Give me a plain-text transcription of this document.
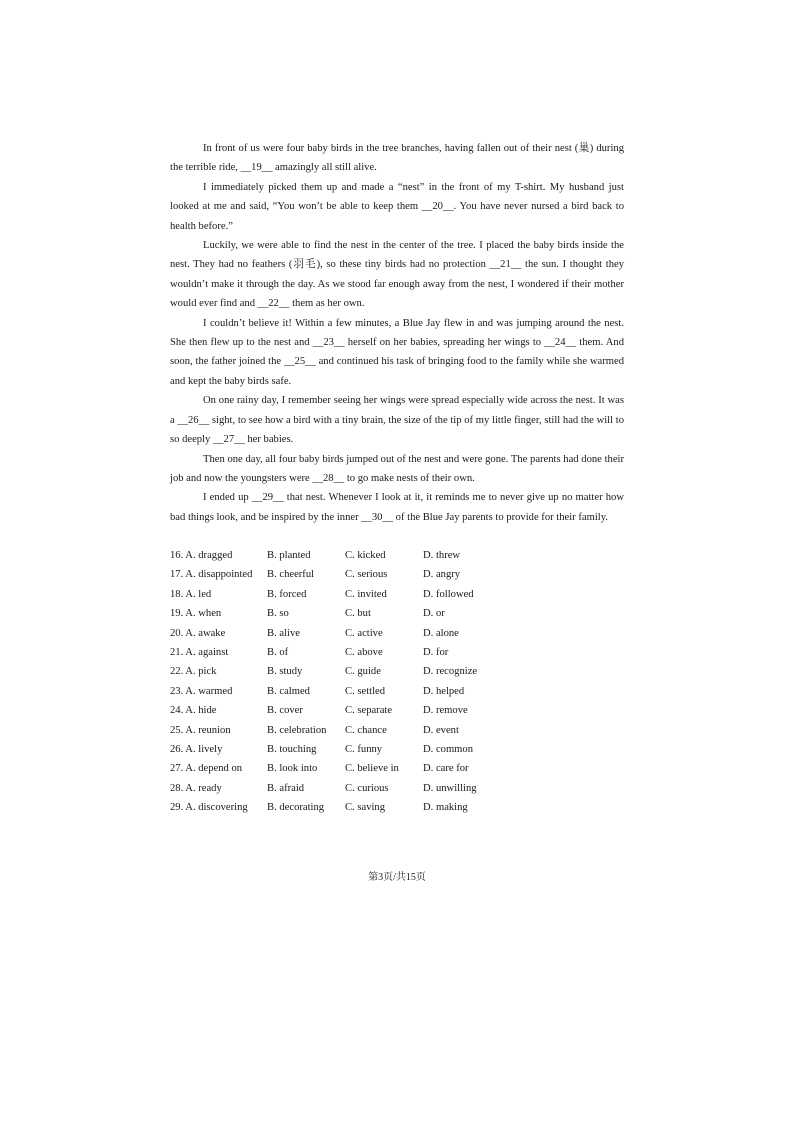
In front of us were four baby birds in the tree branches, having fallen out of their nest (巢) during the terrible ride, __19__ amazingly all still alive.

I immediately picked them up and made a “nest” in the front of my T-shirt. My husband just looked at me and said, “You won’t be able to keep them __20__. You have never nursed a bird back to health before.”

Luckily, we were able to find the nest in the center of the tree. I placed the baby birds inside the nest. They had no feathers (羽毛), so these tiny birds had no protection __21__ the sun. I thought they wouldn’t make it through the day. As we stood far enough away from the nest, I wondered if their mother would ever find and __22__ them as her own.

I couldn’t believe it! Within a few minutes, a Blue Jay flew in and was jumping around the nest. She then flew up to the nest and __23__ herself on her babies, spreading her wings to __24__ them. And soon, the father joined the __25__ and continued his task of bringing food to the family while she warmed and kept the baby birds safe.

On one rainy day, I remember seeing her wings were spread especially wide across the nest. It was a __26__ sight, to see how a bird with a tiny brain, the size of the tip of my little finger, still had the will to so deeply __27__ her babies.

Then one day, all four baby birds jumped out of the nest and were gone. The parents had done their job and now the youngsters were __28__ to go make nests of their own.

I ended up __29__ that nest. Whenever I look at it, it reminds me to never give up no matter how bad things look, and be inspired by the inner __30__ of the Blue Jay parents to provide for their family.

16. A. dragged	B. planted	C. kicked	D. threw
17. A. disappointed	B. cheerful	C. serious	D. angry
18. A. led	B. forced	C. invited	D. followed
19. A. when	B. so	C. but	D. or
20. A. awake	B. alive	C. active	D. alone
21. A. against	B. of	C. above	D. for
22. A. pick	B. study	C. guide	D. recognize
23. A. warmed	B. calmed	C. settled	D. helped
24. A. hide	B. cover	C. separate	D. remove
25. A. reunion	B. celebration	C. chance	D. event
26. A. lively	B. touching	C. funny	D. common
27. A. depend on	B. look into	C. believe in	D. care for
28. A. ready	B. afraid	C. curious	D. unwilling
29. A. discovering	B. decorating	C. saving	D. making
第3页/共15页
